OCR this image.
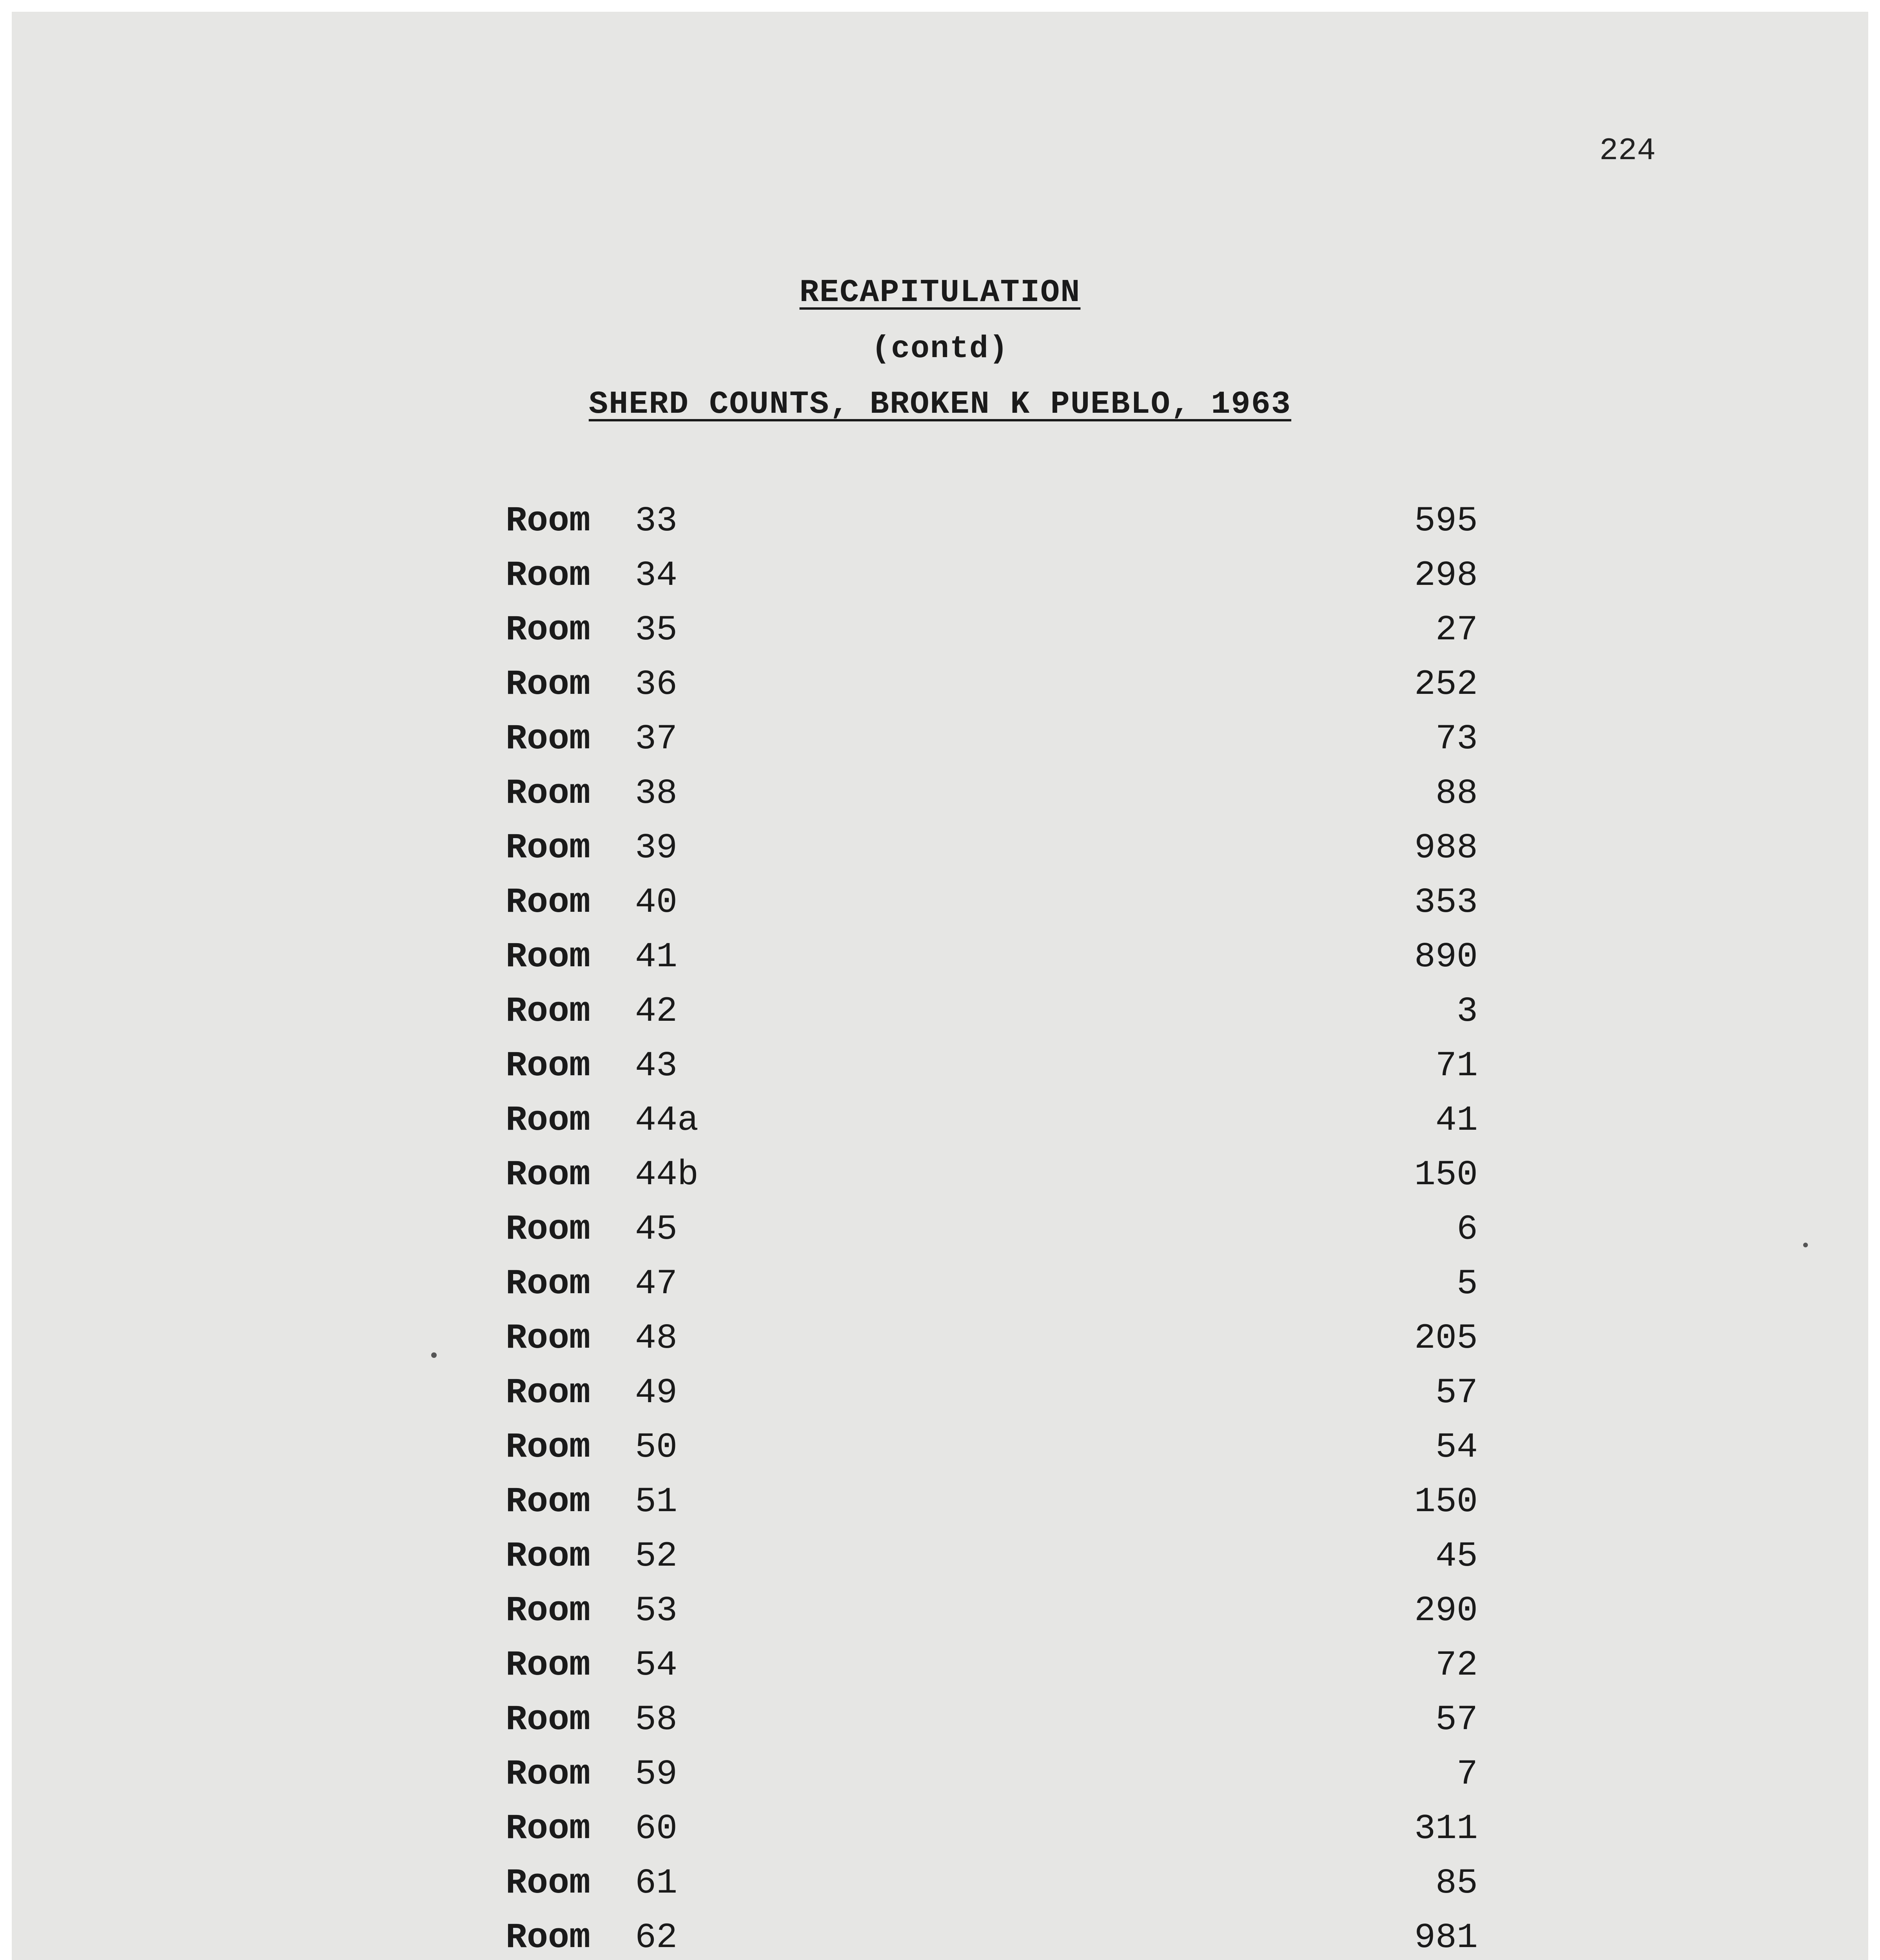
224
RECAPITULATION
(contd)
SHERD COUNTS, BROKEN K PUEBLO, 1963
Room	33	595
Room	34	298
Room	35	27
Room	36	252
Room	37	73
Room	38	88
Room	39	988
Room	40	353
Room	41	890
Room	42	3
Room	43	71
Room	44a	41
Room	44b	150
Room	45	6
Room	47	5
Room	48	205
Room	49	57
Room	50	54
Room	51	150
Room	52	45
Room	53	290
Room	54	72
Room	58	57
Room	59	7
Room	60	311
Room	61	85
Room	62	981
